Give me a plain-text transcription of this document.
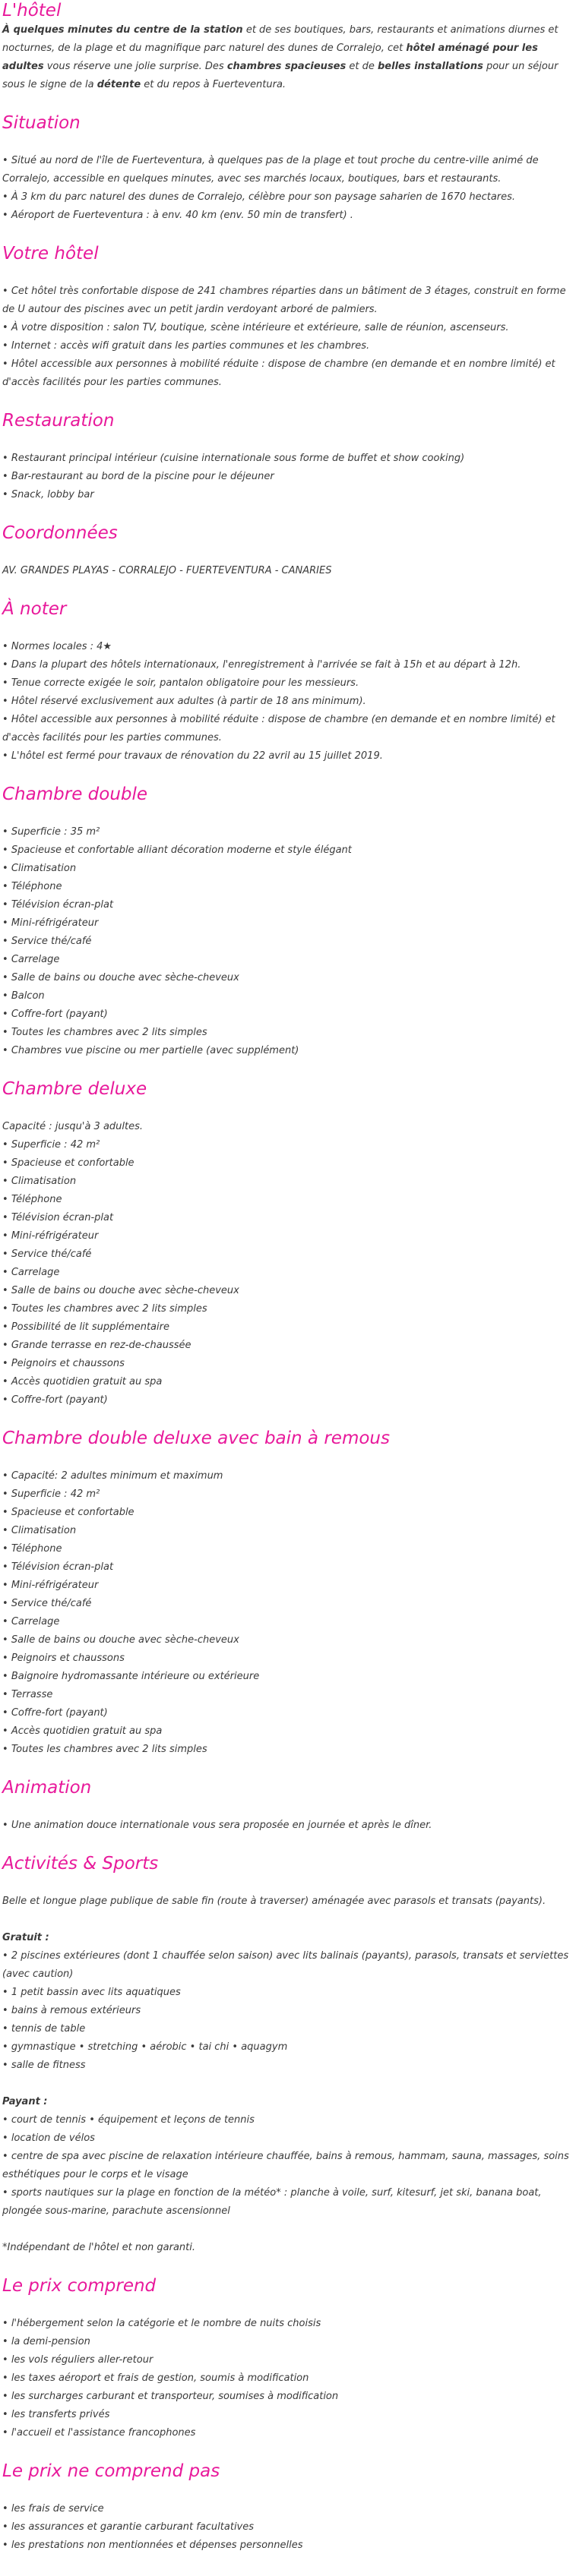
L'hôtel

À quelques minutes du centre de la station et de ses boutiques, bars, restaurants et animations diurnes et nocturnes, de la plage et du magnifique parc naturel des dunes de Corralejo, cet hôtel aménagé pour les adultes vous réserve une jolie surprise. Des chambres spacieuses et de belles installations pour un séjour sous le signe de la détente et du repos à Fuerteventura.

Situation
• Situé au nord de l'île de Fuerteventura, à quelques pas de la plage et tout proche du centre-ville animé de Corralejo, accessible en quelques minutes, avec ses marchés locaux, boutiques, bars et restaurants.
• À 3 km du parc naturel des dunes de Corralejo, célèbre pour son paysage saharien de 1670 hectares.
• Aéroport de Fuerteventura : à env. 40 km (env. 50 min de transfert) .
Votre hôtel
• Cet hôtel très confortable dispose de 241 chambres réparties dans un bâtiment de 3 étages, construit en forme de U autour des piscines avec un petit jardin verdoyant arboré de palmiers.
• À votre disposition : salon TV, boutique, scène intérieure et extérieure, salle de réunion, ascenseurs.
• Internet : accès wifi gratuit dans les parties communes et les chambres.
• Hôtel accessible aux personnes à mobilité réduite : dispose de chambre (en demande et en nombre limité) et d'accès facilités pour les parties communes.
Restauration
• Restaurant principal intérieur (cuisine internationale sous forme de buffet et show cooking)
• Bar-restaurant au bord de la piscine pour le déjeuner
• Snack, lobby bar
Coordonnées

AV. GRANDES PLAYAS - CORRALEJO - FUERTEVENTURA - CANARIES

À noter
• Normes locales : 4★
• Dans la plupart des hôtels internationaux, l'enregistrement à l'arrivée se fait à 15h et au départ à 12h.
• Tenue correcte exigée le soir, pantalon obligatoire pour les messieurs.
• Hôtel réservé exclusivement aux adultes (à partir de 18 ans minimum).
• Hôtel accessible aux personnes à mobilité réduite : dispose de chambre (en demande et en nombre limité) et d'accès facilités pour les parties communes.
• L'hôtel est fermé pour travaux de rénovation du 22 avril au 15 juillet 2019.
Chambre double
• Superficie : 35 m²
• Spacieuse et confortable alliant décoration moderne et style élégant
• Climatisation
• Téléphone
• Télévision écran-plat
• Mini-réfrigérateur
• Service thé/café
• Carrelage
• Salle de bains ou douche avec sèche-cheveux
• Balcon
• Coffre-fort (payant)
• Toutes les chambres avec 2 lits simples
• Chambres vue piscine ou mer partielle (avec supplément)
Chambre deluxe

Capacité : jusqu'à 3 adultes.

• Superficie : 42 m²
• Spacieuse et confortable
• Climatisation
• Téléphone
• Télévision écran-plat
• Mini-réfrigérateur
• Service thé/café
• Carrelage
• Salle de bains ou douche avec sèche-cheveux
• Toutes les chambres avec 2 lits simples
• Possibilité de lit supplémentaire
• Grande terrasse en rez-de-chaussée
• Peignoirs et chaussons
• Accès quotidien gratuit au spa
• Coffre-fort (payant)
Chambre double deluxe avec bain à remous
• Capacité: 2 adultes minimum et maximum
• Superficie : 42 m²
• Spacieuse et confortable
• Climatisation
• Téléphone
• Télévision écran-plat
• Mini-réfrigérateur
• Service thé/café
• Carrelage
• Salle de bains ou douche avec sèche-cheveux
• Peignoirs et chaussons
• Baignoire hydromassante intérieure ou extérieure
• Terrasse
• Coffre-fort (payant)
• Accès quotidien gratuit au spa
• Toutes les chambres avec 2 lits simples
Animation
• Une animation douce internationale vous sera proposée en journée et après le dîner.
Activités & Sports

Belle et longue plage publique de sable fin (route à traverser) aménagée avec parasols et transats (payants).

Gratuit :

• 2 piscines extérieures (dont 1 chauffée selon saison) avec lits balinais (payants), parasols, transats et serviettes (avec caution)
• 1 petit bassin avec lits aquatiques
• bains à remous extérieurs
• tennis de table
• gymnastique • stretching • aérobic • tai chi • aquagym
• salle de fitness

Payant :

• court de tennis • équipement et leçons de tennis
• location de vélos
• centre de spa avec piscine de relaxation intérieure chauffée, bains à remous, hammam, sauna, massages, soins esthétiques pour le corps et le visage
• sports nautiques sur la plage en fonction de la météo* : planche à voile, surf, kitesurf, jet ski, banana boat, plongée sous-marine, parachute ascensionnel

*Indépendant de l'hôtel et non garanti.

Le prix comprend
• l'hébergement selon la catégorie et le nombre de nuits choisis
• la demi-pension
• les vols réguliers aller-retour
• les taxes aéroport et frais de gestion, soumis à modification
• les surcharges carburant et transporteur, soumises à modification
• les transferts privés
• l'accueil et l'assistance francophones
Le prix ne comprend pas
• les frais de service
• les assurances et garantie carburant facultatives
• les prestations non mentionnées et dépenses personnelles
